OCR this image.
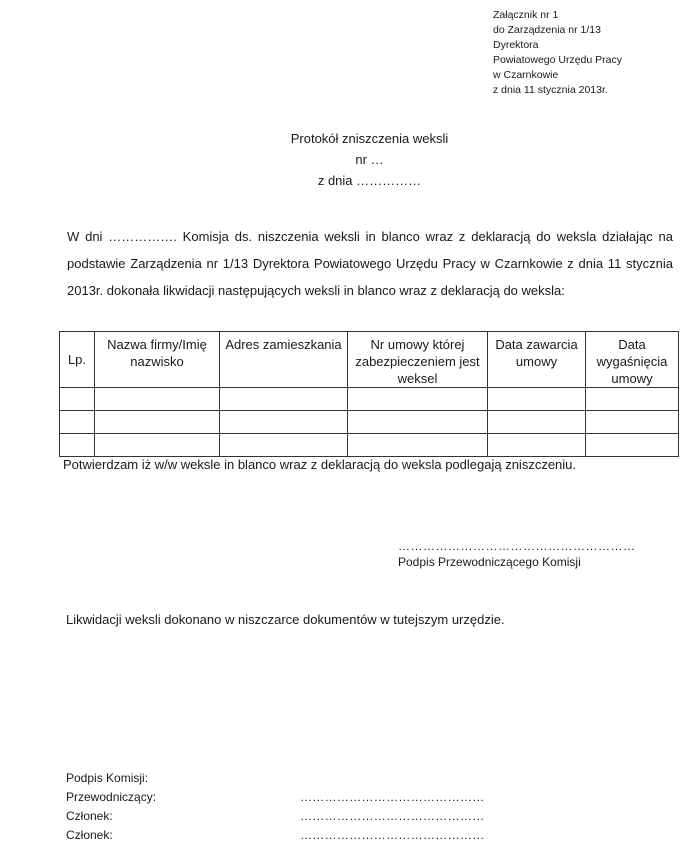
Załącznik nr 1
do Zarządzenia nr 1/13
Dyrektora
Powiatowego Urzędu Pracy
w Czarnkowie
z dnia 11 stycznia 2013r.
Protokół zniszczenia weksli
nr …
z dnia ……………
W dni ……………. Komisja ds. niszczenia weksli in blanco wraz z deklaracją do weksla działając na podstawie Zarządzenia nr 1/13 Dyrektora Powiatowego Urzędu Pracy w Czarnkowie z dnia 11 stycznia 2013r. dokonała likwidacji następujących weksli in blanco wraz z deklaracją do weksla:
Lp.	Nazwa firmy/Imię nazwisko	Adres zamieszkania	Nr umowy której zabezpieczeniem jest weksel	Data zawarcia umowy	Data wygaśnięcia umowy

Potwierdzam iż w/w weksle in blanco wraz z deklaracją do weksla podlegają zniszczeniu.
…………………………………………………
Podpis Przewodniczącego Komisji
Likwidacji weksli dokonano w niszczarce dokumentów w tutejszym urzędzie.
Podpis Komisji:
Przewodniczący:	………………………………………
Członek:	………………………………………
Członek:	………………………………………
